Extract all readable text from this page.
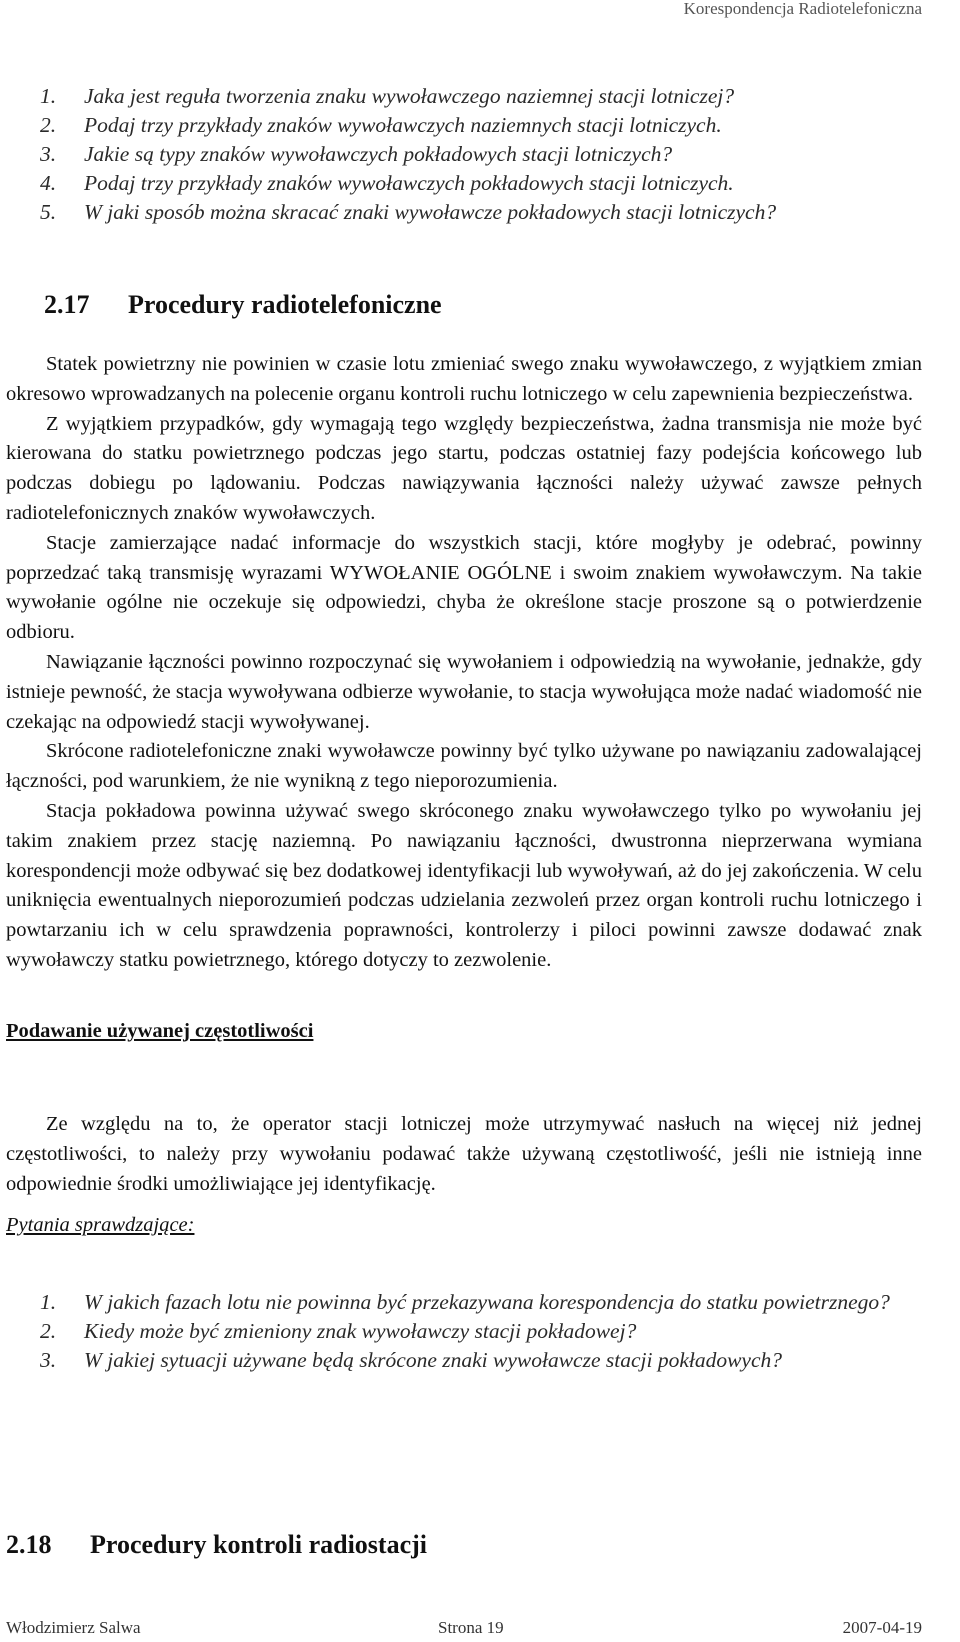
Korespondencja Radiotelefoniczna
1. Jaka jest reguła tworzenia znaku wywoławczego naziemnej stacji lotniczej?
2. Podaj trzy przykłady znaków wywoławczych naziemnych stacji lotniczych.
3. Jakie są typy znaków wywoławczych pokładowych stacji lotniczych?
4. Podaj trzy przykłady znaków wywoławczych pokładowych stacji lotniczych.
5. W jaki sposób można skracać znaki wywoławcze pokładowych stacji lotniczych?
2.17 Procedury radiotelefoniczne

Statek powietrzny nie powinien w czasie lotu zmieniać swego znaku wywoławczego, z wyjątkiem zmian okresowo wprowadzanych na polecenie organu kontroli ruchu lotniczego w celu zapewnienia bezpieczeństwa.

Z wyjątkiem przypadków, gdy wymagają tego względy bezpieczeństwa, żadna transmisja nie może być kierowana do statku powietrznego podczas jego startu, podczas ostatniej fazy podejścia końcowego lub podczas dobiegu po lądowaniu. Podczas nawiązywania łączności należy używać zawsze pełnych radiotelefonicznych znaków wywoławczych.

Stacje zamierzające nadać informacje do wszystkich stacji, które mogłyby je odebrać, powinny poprzedzać taką transmisję wyrazami WYWOŁANIE OGÓLNE i swoim znakiem wywoławczym. Na takie wywołanie ogólne nie oczekuje się odpowiedzi, chyba że określone stacje proszone są o potwierdzenie odbioru.

Nawiązanie łączności powinno rozpoczynać się wywołaniem i odpowiedzią na wywołanie, jednakże, gdy istnieje pewność, że stacja wywoływana odbierze wywołanie, to stacja wywołująca może nadać wiadomość nie czekając na odpowiedź stacji wywoływanej.

Skrócone radiotelefoniczne znaki wywoławcze powinny być tylko używane po nawiązaniu zadowalającej łączności, pod warunkiem, że nie wynikną z tego nieporozumienia.

Stacja pokładowa powinna używać swego skróconego znaku wywoławczego tylko po wywołaniu jej takim znakiem przez stację naziemną. Po nawiązaniu łączności, dwustronna nieprzerwana wymiana korespondencji może odbywać się bez dodatkowej identyfikacji lub wywoływań, aż do jej zakończenia. W celu uniknięcia ewentualnych nieporozumień podczas udzielania zezwoleń przez organ kontroli ruchu lotniczego i powtarzaniu ich w celu sprawdzenia poprawności, kontrolerzy i piloci powinni zawsze dodawać znak wywoławczy statku powietrznego, którego dotyczy to zezwolenie.

Podawanie używanej częstotliwości

Ze względu na to, że operator stacji lotniczej może utrzymywać nasłuch na więcej niż jednej częstotliwości, to należy przy wywołaniu podawać także używaną częstotliwość, jeśli nie istnieją inne odpowiednie środki umożliwiające jej identyfikację.

Pytania sprawdzające:
1. W jakich fazach lotu nie powinna być przekazywana korespondencja do statku powietrznego?
2. Kiedy może być zmieniony znak wywoławczy stacji pokładowej?
3. W jakiej sytuacji używane będą skrócone znaki wywoławcze stacji pokładowych?
2.18 Procedury kontroli radiostacji
Włodzimierz Salwa	Strona 19	2007-04-19
